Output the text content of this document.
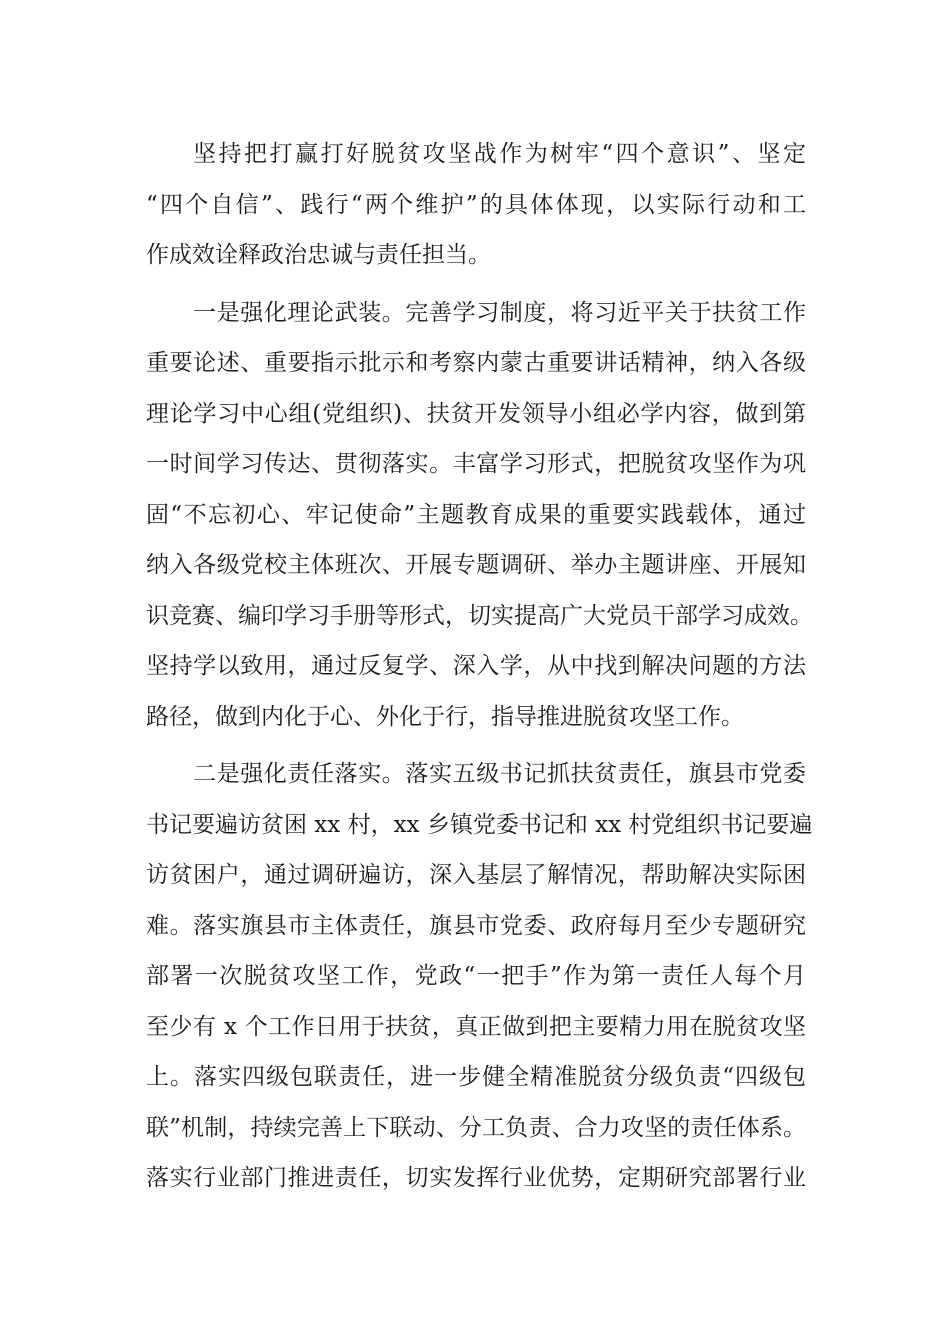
坚持把打赢打好脱贫攻坚战作为树牢“四个意识”、坚定
“四个自信”、践行“两个维护”的具体体现，以实际行动和工
作成效诠释政治忠诚与责任担当。
一是强化理论武装。完善学习制度，将习近平关于扶贫工作
重要论述、重要指示批示和考察内蒙古重要讲话精神，纳入各级
理论学习中心组(党组织)、扶贫开发领导小组必学内容，做到第
一时间学习传达、贯彻落实。丰富学习形式，把脱贫攻坚作为巩
固“不忘初心、牢记使命”主题教育成果的重要实践载体，通过
纳入各级党校主体班次、开展专题调研、举办主题讲座、开展知
识竞赛、编印学习手册等形式，切实提高广大党员干部学习成效。
坚持学以致用，通过反复学、深入学，从中找到解决问题的方法
路径，做到内化于心、外化于行，指导推进脱贫攻坚工作。
二是强化责任落实。落实五级书记抓扶贫责任，旗县市党委
书记要遍访贫困 xx 村，xx 乡镇党委书记和 xx 村党组织书记要遍
访贫困户，通过调研遍访，深入基层了解情况，帮助解决实际困
难。落实旗县市主体责任，旗县市党委、政府每月至少专题研究
部署一次脱贫攻坚工作，党政“一把手”作为第一责任人每个月
至少有 x 个工作日用于扶贫，真正做到把主要精力用在脱贫攻坚
上。落实四级包联责任，进一步健全精准脱贫分级负责“四级包
联”机制，持续完善上下联动、分工负责、合力攻坚的责任体系。
落实行业部门推进责任，切实发挥行业优势，定期研究部署行业
